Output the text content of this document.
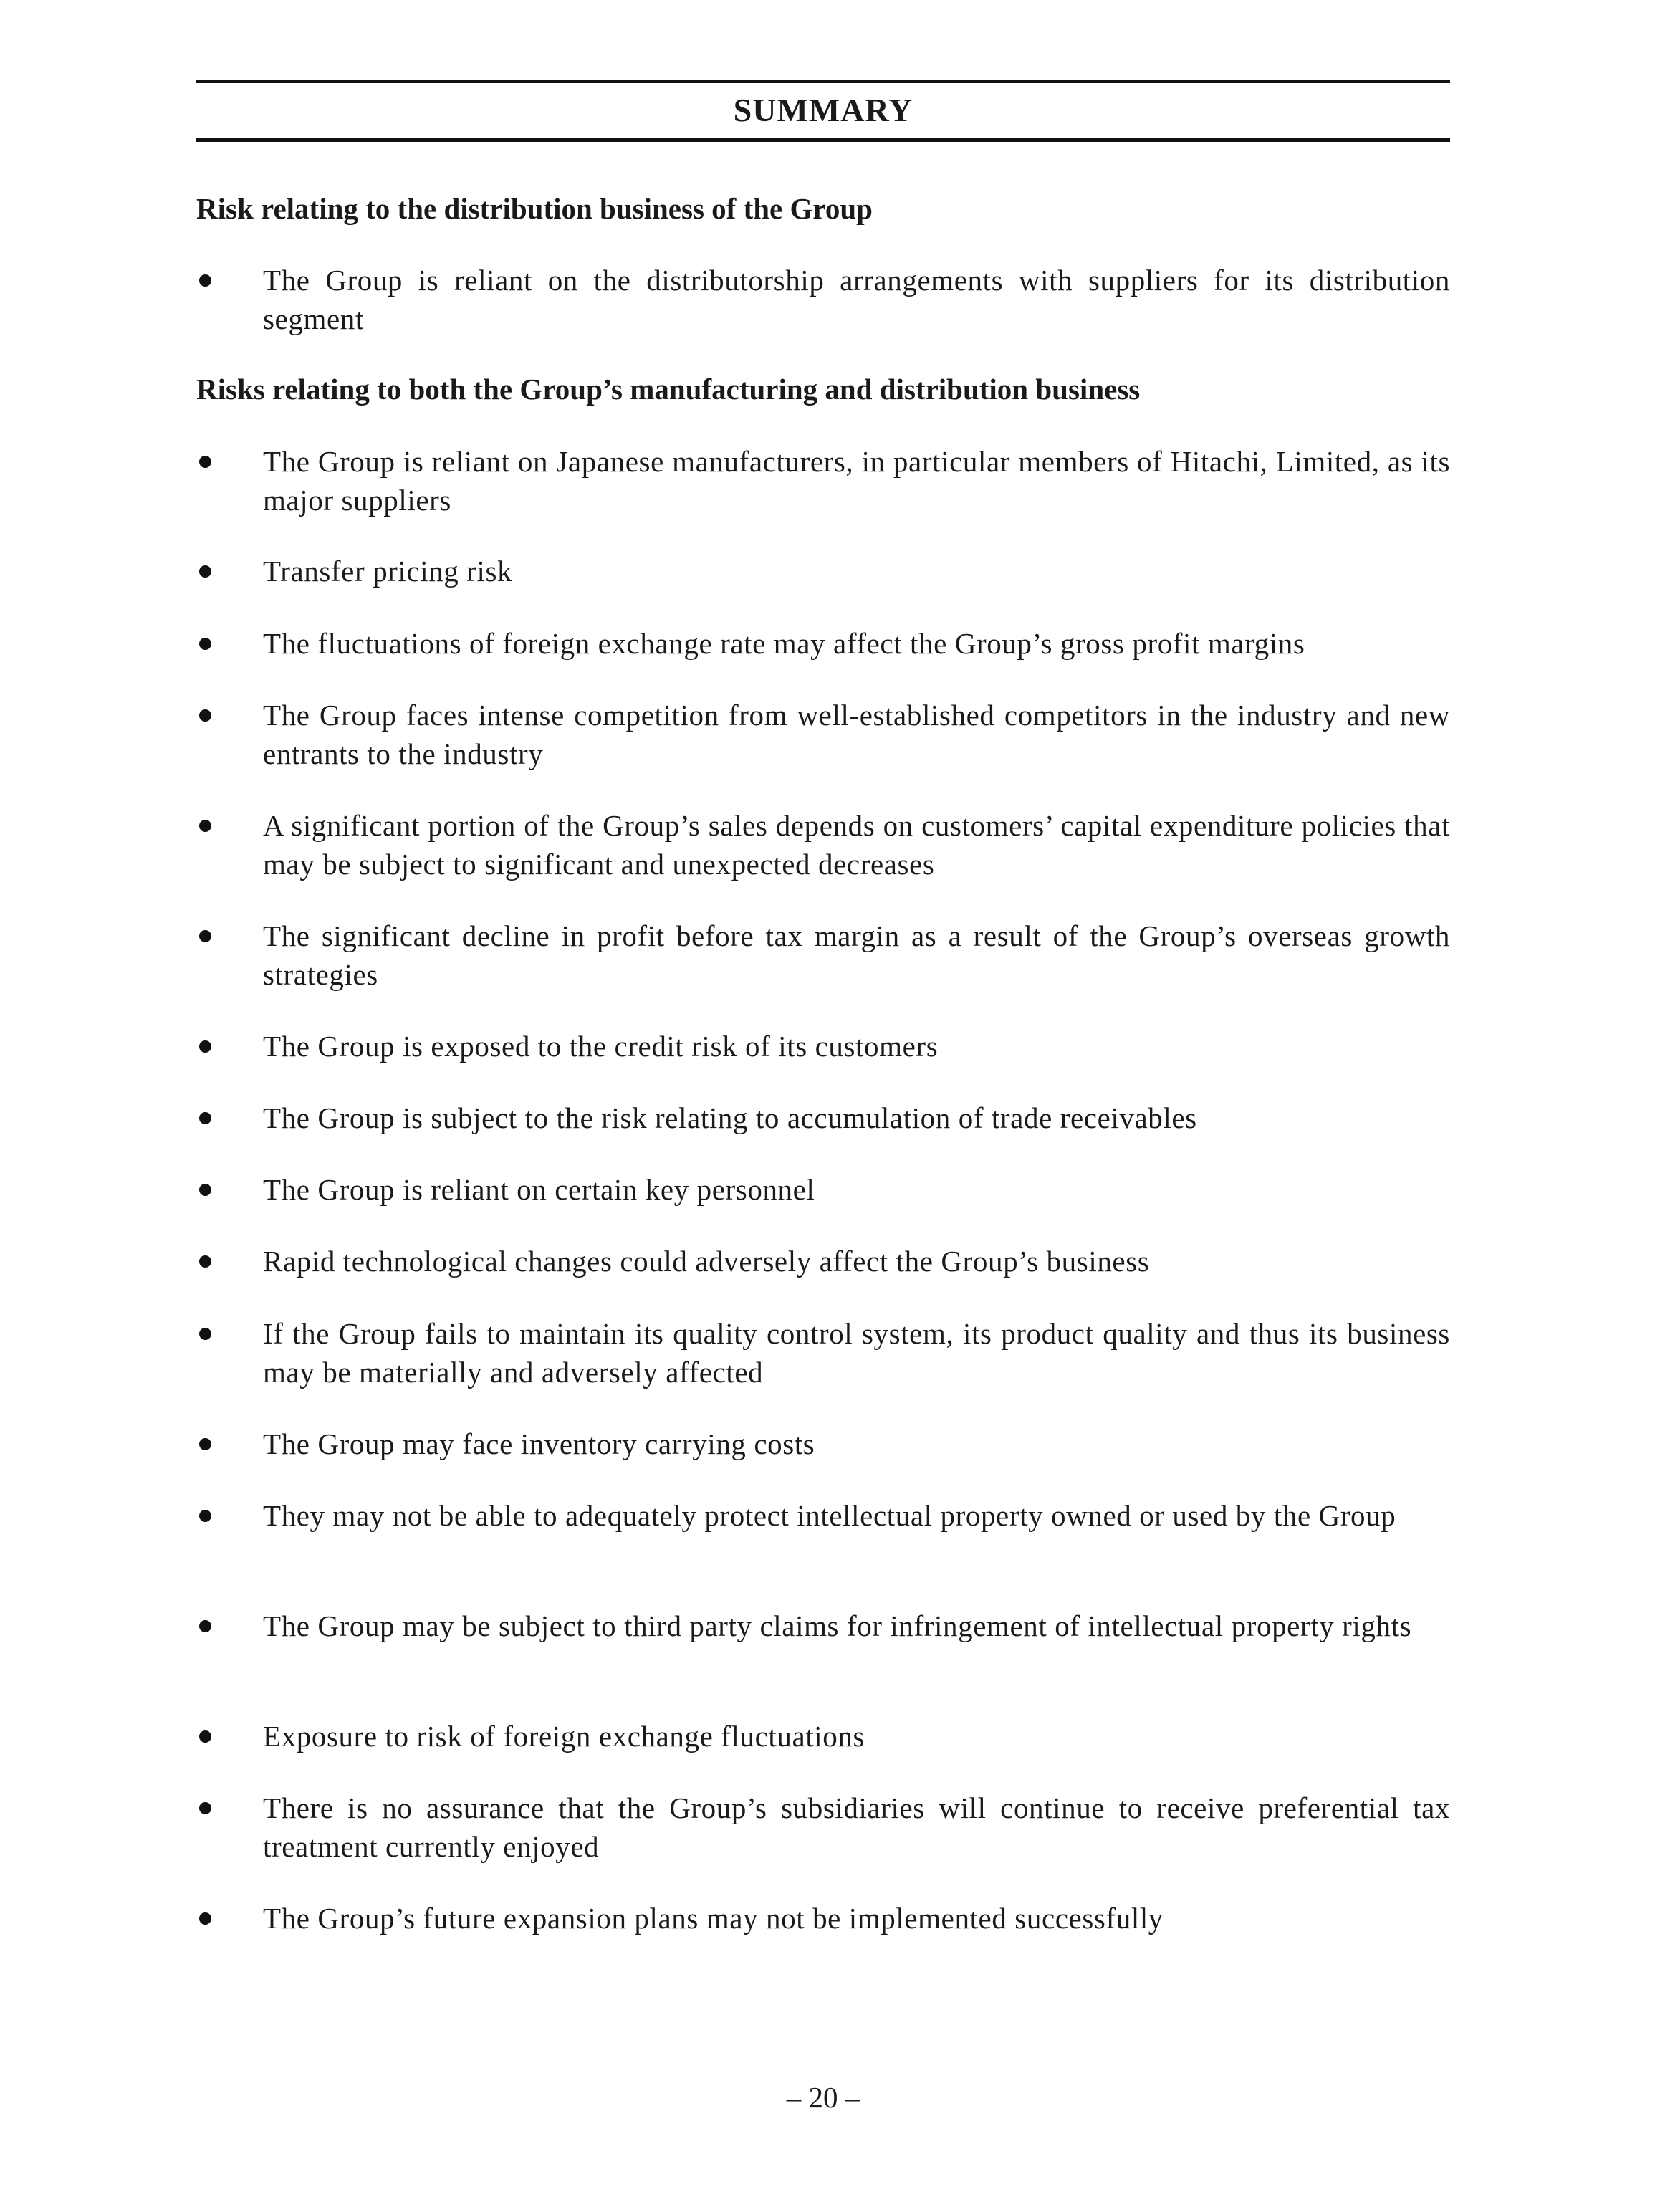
SUMMARY
Risk relating to the distribution business of the Group
The Group is reliant on the distributorship arrangements with suppliers for its distribution segment
Risks relating to both the Group’s manufacturing and distribution business
The Group is reliant on Japanese manufacturers, in particular members of Hitachi, Limited, as its major suppliers
Transfer pricing risk
The fluctuations of foreign exchange rate may affect the Group’s gross profit margins
The Group faces intense competition from well-established competitors in the industry and new entrants to the industry
A significant portion of the Group’s sales depends on customers’ capital expenditure policies that may be subject to significant and unexpected decreases
The significant decline in profit before tax margin as a result of the Group’s overseas growth strategies
The Group is exposed to the credit risk of its customers
The Group is subject to the risk relating to accumulation of trade receivables
The Group is reliant on certain key personnel
Rapid technological changes could adversely affect the Group’s business
If the Group fails to maintain its quality control system, its product quality and thus its business may be materially and adversely affected
The Group may face inventory carrying costs
They may not be able to adequately protect intellectual property owned or used by the Group
The Group may be subject to third party claims for infringement of intellectual property rights
Exposure to risk of foreign exchange fluctuations
There is no assurance that the Group’s subsidiaries will continue to receive preferential tax treatment currently enjoyed
The Group’s future expansion plans may not be implemented successfully
– 20 –
